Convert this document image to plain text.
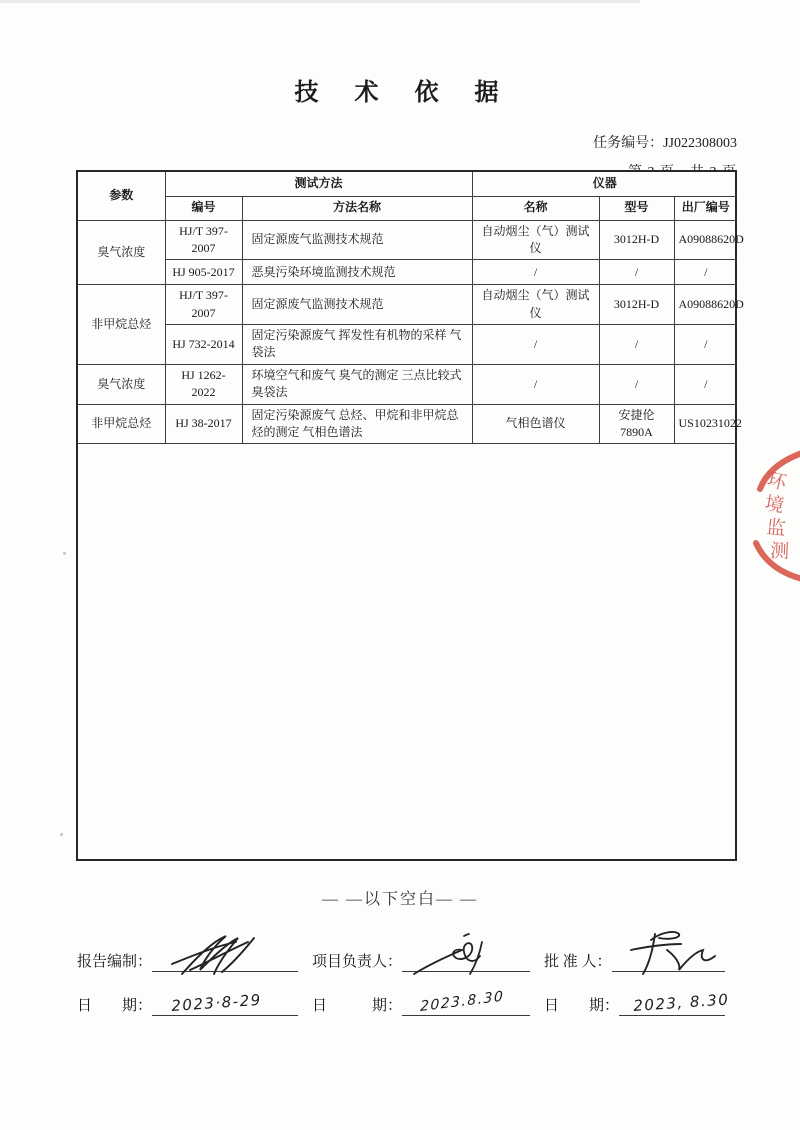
技 术 依 据
任务编号：JJ022308003
参数	测试方法		仪器		
	编号	方法名称	名称	型号	出厂编号
臭气浓度	HJ/T 397-2007	固定源废气监测技术规范	自动烟尘（气）测试仪	3012H-D	A09088620D
	HJ 905-2017	恶臭污染环境监测技术规范	/	/	/
非甲烷总烃	HJ/T 397-2007	固定源废气监测技术规范	自动烟尘（气）测试仪	3012H-D	A09088620D
	HJ 732-2014	固定污染源废气 挥发性有机物的采样 气袋法	/	/	/
臭气浓度	HJ 1262-2022	环境空气和废气 臭气的测定 三点比较式臭袋法	/	/	/
非甲烷总烃	HJ 38-2017	固定污染源废气 总烃、甲烷和非甲烷总烃的测定 气相色谱法	气相色谱仪	安捷伦 7890A	US10231022
— —以下空白— —
报告编制：
日　　期： 2023·8-29
项目负责人：
日　　　期： 2023.8.30
批 准 人：
日　　期： 2023, 8.30
环
境
监
测
